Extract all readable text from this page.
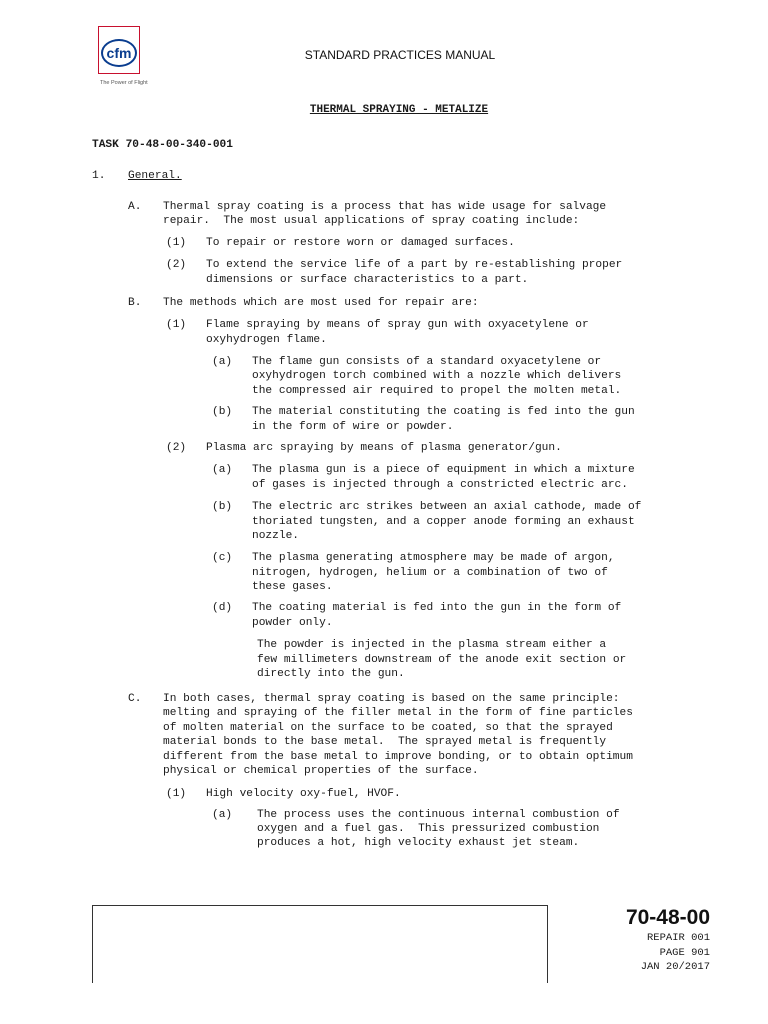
cfm
The Power of Flight
STANDARD PRACTICES MANUAL
THERMAL SPRAYING - METALIZE
TASK 70-48-00-340-001
1. General.
A.
(1)
(2)
B.
(1)
(a)
(b)
(2)
(a)
(b)
(c)
(d)
C.
(1)
(a)
Thermal spray coating is a process that has wide usage for salvage
repair.  The most usual applications of spray coating include:
To repair or restore worn or damaged surfaces.
To extend the service life of a part by re-establishing proper
dimensions or surface characteristics to a part.
The methods which are most used for repair are:
Flame spraying by means of spray gun with oxyacetylene or
oxyhydrogen flame.
The flame gun consists of a standard oxyacetylene or
oxyhydrogen torch combined with a nozzle which delivers
the compressed air required to propel the molten metal.
The material constituting the coating is fed into the gun
in the form of wire or powder.
Plasma arc spraying by means of plasma generator/gun.
The plasma gun is a piece of equipment in which a mixture
of gases is injected through a constricted electric arc.
The electric arc strikes between an axial cathode, made of
thoriated tungsten, and a copper anode forming an exhaust
nozzle.
The plasma generating atmosphere may be made of argon,
nitrogen, hydrogen, helium or a combination of two of
these gases.
The coating material is fed into the gun in the form of
powder only.
The powder is injected in the plasma stream either a
few millimeters downstream of the anode exit section or
directly into the gun.
In both cases, thermal spray coating is based on the same principle:
melting and spraying of the filler metal in the form of fine particles
of molten material on the surface to be coated, so that the sprayed
material bonds to the base metal.  The sprayed metal is frequently
different from the base metal to improve bonding, or to obtain optimum
physical or chemical properties of the surface.
High velocity oxy-fuel, HVOF.
The process uses the continuous internal combustion of
oxygen and a fuel gas.  This pressurized combustion
produces a hot, high velocity exhaust jet steam.
70-48-00
REPAIR 001
PAGE 901
JAN 20/2017
